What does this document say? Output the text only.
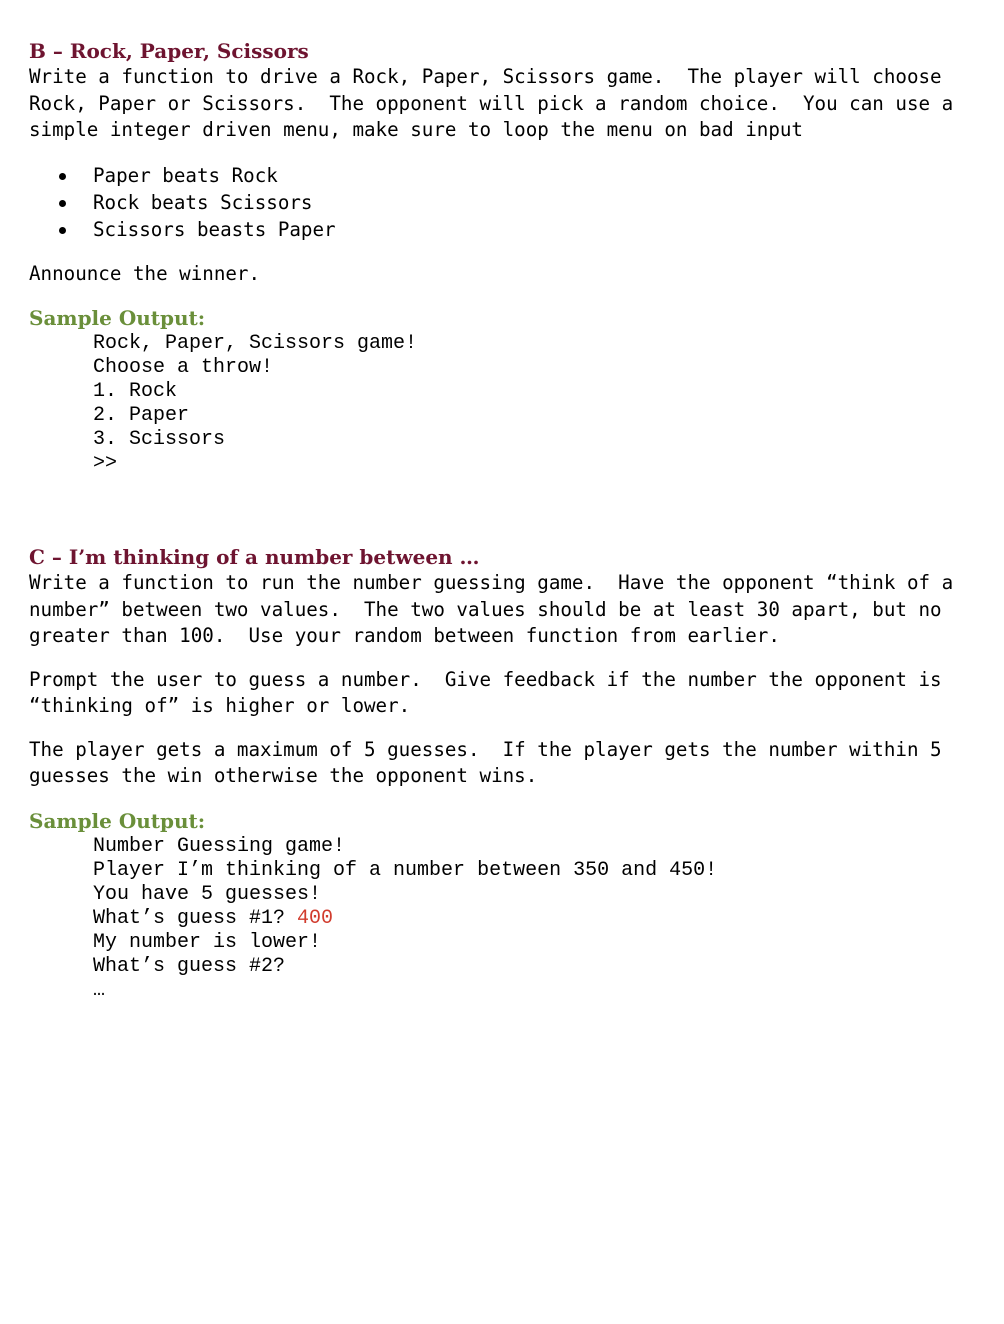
B – Rock, Paper, Scissors

Write a function to drive a Rock, Paper, Scissors game.  The player will choose
Rock, Paper or Scissors.  The opponent will pick a random choice.  You can use a
simple integer driven menu, make sure to loop the menu on bad input

Paper beats Rock
Rock beats Scissors
Scissors beasts Paper

Announce the winner.

Sample Output:

Rock, Paper, Scissors game!
Choose a throw!
1. Rock
2. Paper
3. Scissors
>>
C – I’m thinking of a number between …

Write a function to run the number guessing game.  Have the opponent “think of a
number” between two values.  The two values should be at least 30 apart, but no
greater than 100.  Use your random between function from earlier.

Prompt the user to guess a number.  Give feedback if the number the opponent is
“thinking of” is higher or lower.

The player gets a maximum of 5 guesses.  If the player gets the number within 5
guesses the win otherwise the opponent wins.

Sample Output:

Number Guessing game!
Player I’m thinking of a number between 350 and 450!
You have 5 guesses!
What’s guess #1? 400
My number is lower!
What’s guess #2?
…
